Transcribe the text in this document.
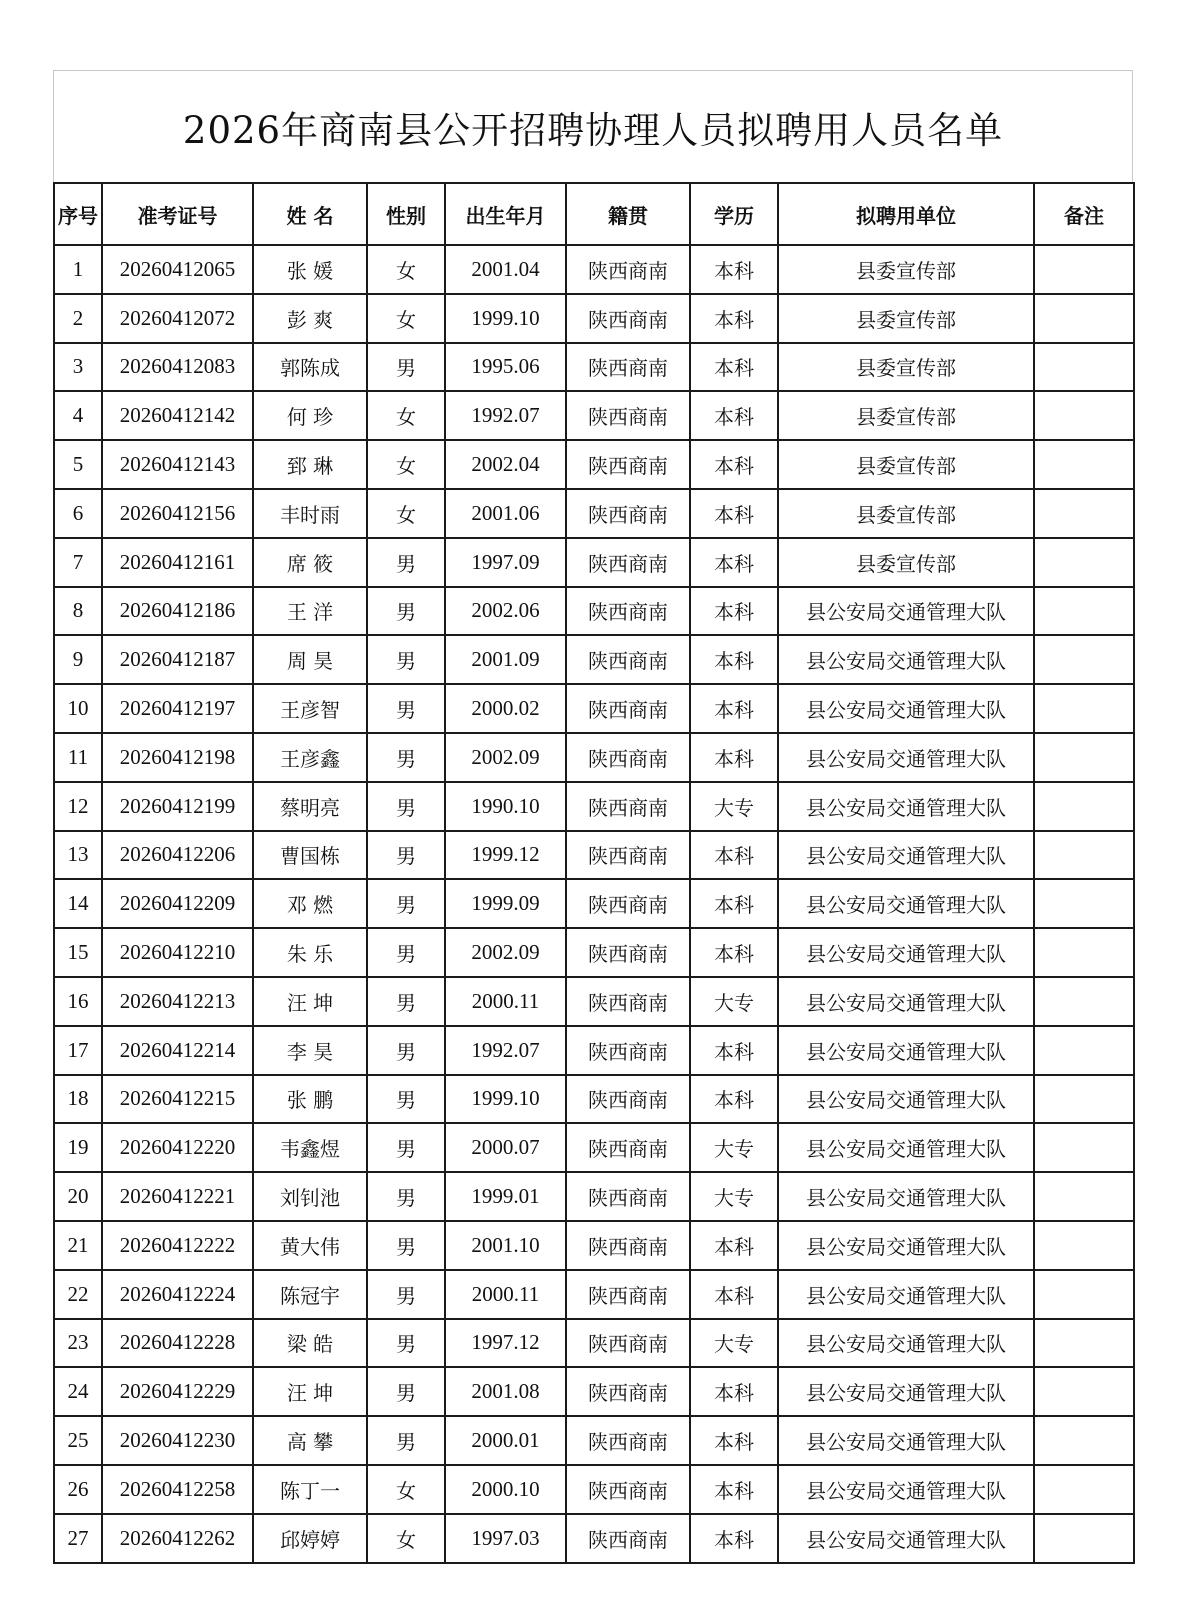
2026年商南县公开招聘协理人员拟聘用人员名单
序号	准考证号	姓 名	性别	出生年月	籍贯	学历	拟聘用单位	备注
1	20260412065	张 媛	女	2001.04	陕西商南	本科	县委宣传部	
2	20260412072	彭 爽	女	1999.10	陕西商南	本科	县委宣传部	
3	20260412083	郭陈成	男	1995.06	陕西商南	本科	县委宣传部	
4	20260412142	何 珍	女	1992.07	陕西商南	本科	县委宣传部	
5	20260412143	郅 琳	女	2002.04	陕西商南	本科	县委宣传部	
6	20260412156	丰时雨	女	2001.06	陕西商南	本科	县委宣传部	
7	20260412161	席 筱	男	1997.09	陕西商南	本科	县委宣传部	
8	20260412186	王 洋	男	2002.06	陕西商南	本科	县公安局交通管理大队	
9	20260412187	周 昊	男	2001.09	陕西商南	本科	县公安局交通管理大队	
10	20260412197	王彦智	男	2000.02	陕西商南	本科	县公安局交通管理大队	
11	20260412198	王彦鑫	男	2002.09	陕西商南	本科	县公安局交通管理大队	
12	20260412199	蔡明亮	男	1990.10	陕西商南	大专	县公安局交通管理大队	
13	20260412206	曹国栋	男	1999.12	陕西商南	本科	县公安局交通管理大队	
14	20260412209	邓 燃	男	1999.09	陕西商南	本科	县公安局交通管理大队	
15	20260412210	朱 乐	男	2002.09	陕西商南	本科	县公安局交通管理大队	
16	20260412213	汪 坤	男	2000.11	陕西商南	大专	县公安局交通管理大队	
17	20260412214	李 昊	男	1992.07	陕西商南	本科	县公安局交通管理大队	
18	20260412215	张 鹏	男	1999.10	陕西商南	本科	县公安局交通管理大队	
19	20260412220	韦鑫煜	男	2000.07	陕西商南	大专	县公安局交通管理大队	
20	20260412221	刘钊池	男	1999.01	陕西商南	大专	县公安局交通管理大队	
21	20260412222	黄大伟	男	2001.10	陕西商南	本科	县公安局交通管理大队	
22	20260412224	陈冠宇	男	2000.11	陕西商南	本科	县公安局交通管理大队	
23	20260412228	梁 皓	男	1997.12	陕西商南	大专	县公安局交通管理大队	
24	20260412229	汪 坤	男	2001.08	陕西商南	本科	县公安局交通管理大队	
25	20260412230	高 攀	男	2000.01	陕西商南	本科	县公安局交通管理大队	
26	20260412258	陈丁一	女	2000.10	陕西商南	本科	县公安局交通管理大队	
27	20260412262	邱婷婷	女	1997.03	陕西商南	本科	县公安局交通管理大队	
